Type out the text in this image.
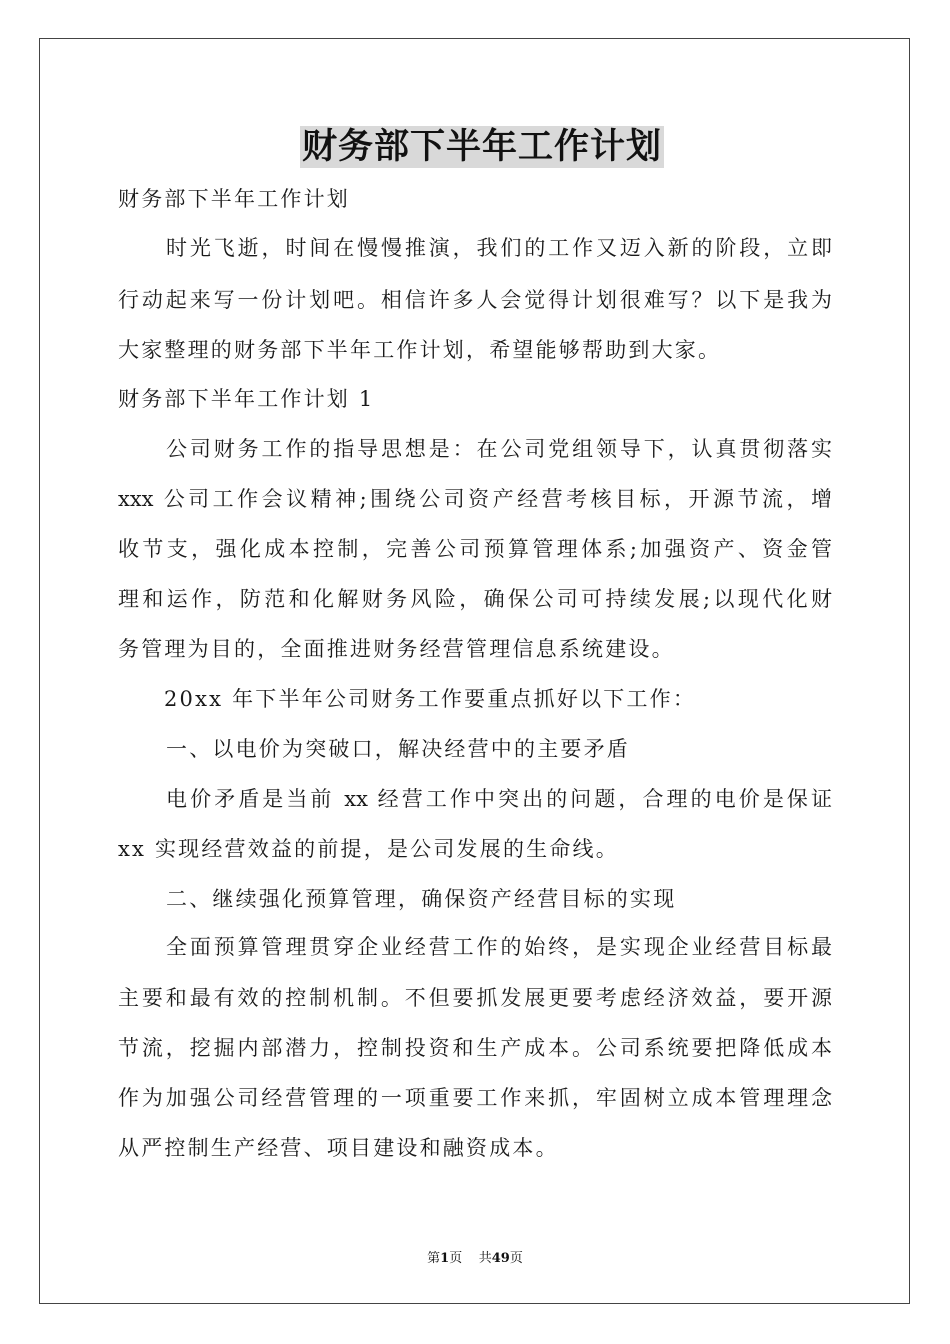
财务部下半年工作计划
财务部下半年工作计划
时光飞逝，时间在慢慢推演，我们的工作又迈入新的阶段，立即
行动起来写一份计划吧。相信许多人会觉得计划很难写？以下是我为
大家整理的财务部下半年工作计划，希望能够帮助到大家。
财务部下半年工作计划 1
公司财务工作的指导思想是：在公司党组领导下，认真贯彻落实
xxx 公司工作会议精神;围绕公司资产经营考核目标，开源节流，增
收节支，强化成本控制，完善公司预算管理体系;加强资产、资金管
理和运作，防范和化解财务风险，确保公司可持续发展;以现代化财
务管理为目的，全面推进财务经营管理信息系统建设。
20xx 年下半年公司财务工作要重点抓好以下工作：
一、以电价为突破口，解决经营中的主要矛盾
电价矛盾是当前 xx 经营工作中突出的问题，合理的电价是保证
xx 实现经营效益的前提，是公司发展的生命线。
二、继续强化预算管理，确保资产经营目标的实现
全面预算管理贯穿企业经营工作的始终，是实现企业经营目标最
主要和最有效的控制机制。不但要抓发展更要考虑经济效益，要开源
节流，挖掘内部潜力，控制投资和生产成本。公司系统要把降低成本
作为加强公司经营管理的一项重要工作来抓，牢固树立成本管理理念
从严控制生产经营、项目建设和融资成本。
第1页 共49页
